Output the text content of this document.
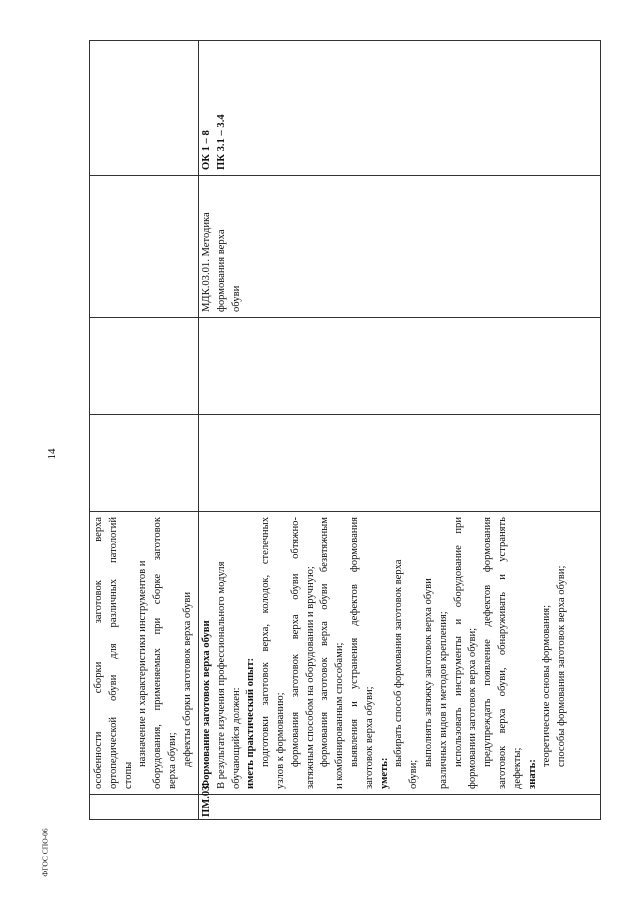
особенности сборки заготовок верха ортопедической обуви для различных патологий стопы

назначение и характеристики инструментов и оборудования, применяемых при сборке заготовок верха обуви; дефекты сборки заготовок верха обуви

ПМ.03

Формование заготовок верха обуви В результате изучения профессионального модуля обучающийся должен: иметь практический опыт: подготовки заготовок верха, колодок, стелечных узлов к формованию; формования заготовок верха обуви обтяжно- затяжным способом на оборудовании и вручную; формования заготовок верха обуви безвтяжным и комбинированным способами; выявления и устранения дефектов формования заготовок верха обуви; уметь:

выбирать способ формования заготовок верха

обуви;

выполнять затяжку заготовок верха обуви различных видов и методов крепления; использовать инструменты и оборудование при формовании заготовок верха обуви; предупреждать появление дефектов формования заготовок верха обуви, обнаруживать и устранять дефекты; знать:

теоретические основы формования; способы формования заготовок верха обуви;

МДК.03.01. Методика формования верха обуви

ОК 1 – 8 ПК 3.1 – 3.4

14
ФГОС СПО-06
